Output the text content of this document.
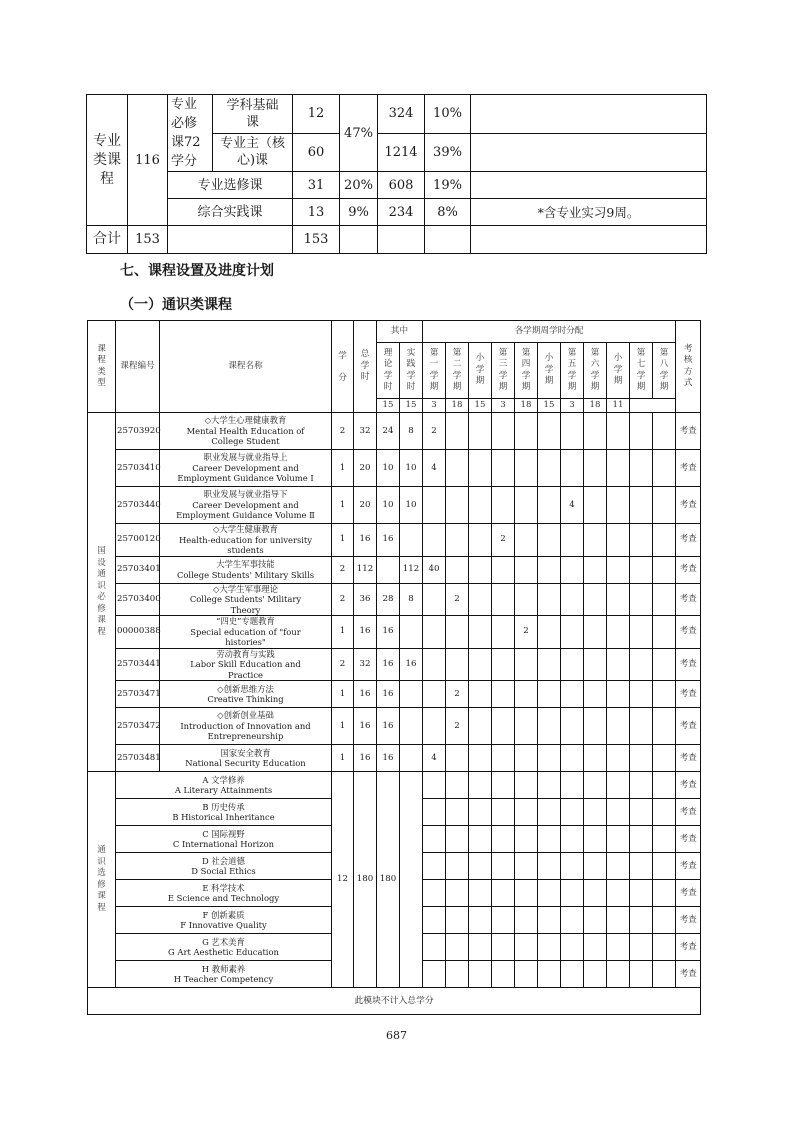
专业类课程	116	专业必修课72学分	学科基础课	12	47%	324	10%	

			专业主（核心)课	60		1214	39%	
		专业选修课		31	20%	608	19%	
		综合实践课		13	9%	234	8%	*含专业实习9周。
合计	153			153				
七、课程设置及进度计划
（一）通识类课程
课程类型	课程编号	课程名称	学分	总学时	其中		各学期周学时分配											考核方式

					理论学时	实践学时	第一学期	第二学期	小学期	第三学期	第四学期	小学期	第五学期	第六学期	小学期	第七学期	第八学期	

					15	15	3	18	15	3	18	15	3	18	11			

国设通识必修课程	25703920	◇大学生心理健康教育
Mental Health Education of College Student	2	32	24	8	2											考查
	25703410	职业发展与就业指导上
Career Development and Employment Guidance Volume I	1	20	10	10	4											考查
	25703440	职业发展与就业指导下
Career Development and Employment Guidance Volume Ⅱ	1	20	10	10							4					考查
	25700120	◇大学生健康教育
Health-education for university students	1	16	16					2								考查
	25703401	大学生军事技能
College Students' Military Skills	2	112		112	40											考查
	25703400	◇大学生军事理论
College Students' Military Theory	2	36	28	8		2										考查
	00000388	“四史”专题教育
Special education of "four histories"	1	16	16						2							考查
	25703441	劳动教育与实践
Labor Skill Education and Practice	2	32	16	16												考查
	25703471	◇创新思维方法
Creative Thinking	1	16	16			2										考查
	25703472	◇创新创业基础
Introduction of Innovation and Entrepreneurship	1	16	16			2										考查
	25703481	国家安全教育
National Security Education	1	16	16		4											考查

通识选修课程	A 文学修养
A Literary Attainments		12	180	180													考查

	B 历史传承
B Historical Inheritance																	考查

	C 国际视野
C International Horizon																	考查

	D 社会道德
D Social Ethics																	考查

	E 科学技术
E Science and Technology																	考查

	F 创新素质
F Innovative Quality																	考查

	G 艺术美育
G Art Aesthetic Education																	考查

	H 教师素养
H Teacher Competency																	考查
此模块不计入总学分																		
687
